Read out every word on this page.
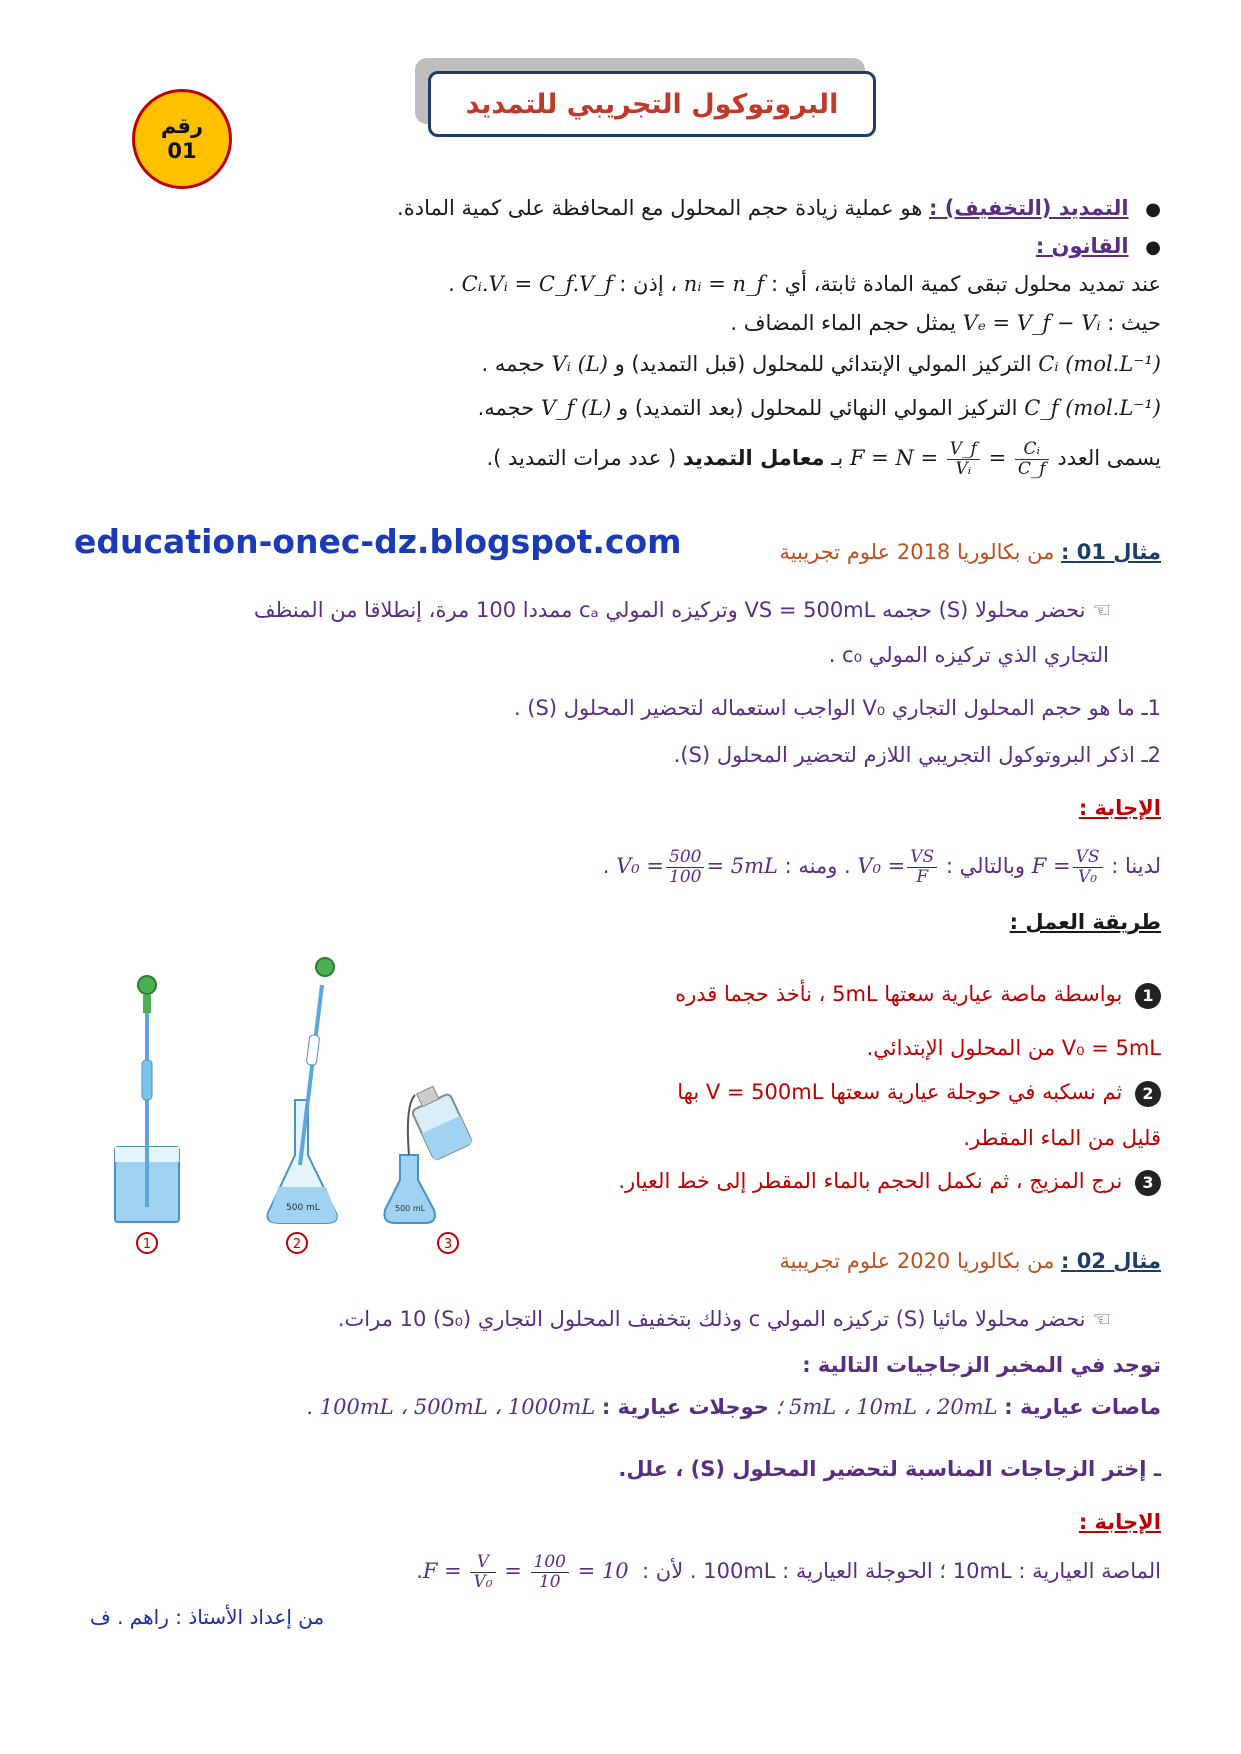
البروتوكول التجريبي للتمديد
رقم
01
● التمديد (التخفيف) : هو عملية زيادة حجم المحلول مع المحافظة على كمية المادة.
● القانون :
عند تمديد محلول تبقى كمية المادة ثابتة، أي : nᵢ = n_f ، إذن : Cᵢ.Vᵢ = C_f.V_f .
حيث : Vₑ = V_f − Vᵢ يمثل حجم الماء المضاف .
Cᵢ (mol.L⁻¹) التركيز المولي الإبتدائي للمحلول (قبل التمديد) و Vᵢ (L) حجمه .
C_f (mol.L⁻¹) التركيز المولي النهائي للمحلول (بعد التمديد) و V_f (L) حجمه.
يسمى العدد $F = N = \frac{V\_f}{\text{Vᵢ}} = \frac{\text{Cᵢ}}{C\_f}$
بـ معامل التمديد ( عدد مرات التمديد ).
education-onec-dz.blogspot.com	مثال 01 : من بكالوريا 2018 علوم تجريبية
☜ نحضر محلولا (S) حجمه VS = 500mL وتركيزه المولي cₐ ممددا 100 مرة، إنطلاقا من المنظف
التجاري الذي تركيزه المولي c₀ .
1ـ ما هو حجم المحلول التجاري V₀ الواجب استعماله لتحضير المحلول (S) .
2ـ اذكر البروتوكول التجريبي اللازم لتحضير المحلول (S).
الإجابة :
لدينا : $F = \frac{VS}{\text{V₀}}$
وبالتالي : $V_0 = \frac{VS}{F}$
. ومنه : $V_0 = \frac{500}{100} = 5mL$ .
طريقة العمل :
1 بواسطة ماصة عيارية سعتها 5mL ، نأخذ حجما قدره
V₀ = 5mL من المحلول الإبتدائي.
2 ثم نسكبه في حوجلة عيارية سعتها V = 500mL بها
قليل من الماء المقطر.
3 نرج المزيج ، ثم نكمل الحجم بالماء المقطر إلى خط العيار.
500 mL	500 mL
1	2	3
مثال 02 : من بكالوريا 2020 علوم تجريبية
☜ نحضر محلولا مائيا (S) تركيزه المولي c وذلك بتخفيف المحلول التجاري (S₀) 10 مرات.
توجد في المخبر الزجاجيات التالية :
ماصات عيارية : 5mL ، 10mL ، 20mL ؛ حوجلات عيارية : 100mL ، 500mL ، 1000mL .
ـ إختر الزجاجات المناسبة لتحضير المحلول (S) ، علل.
الإجابة :
الماصة العيارية : 10mL ؛ الحوجلة العيارية : 100mL . لأن : $F = \frac{V}{\text{V₀}} = \frac{100}{10} = 10$ .
من إعداد الأستاذ : راهم . ف
